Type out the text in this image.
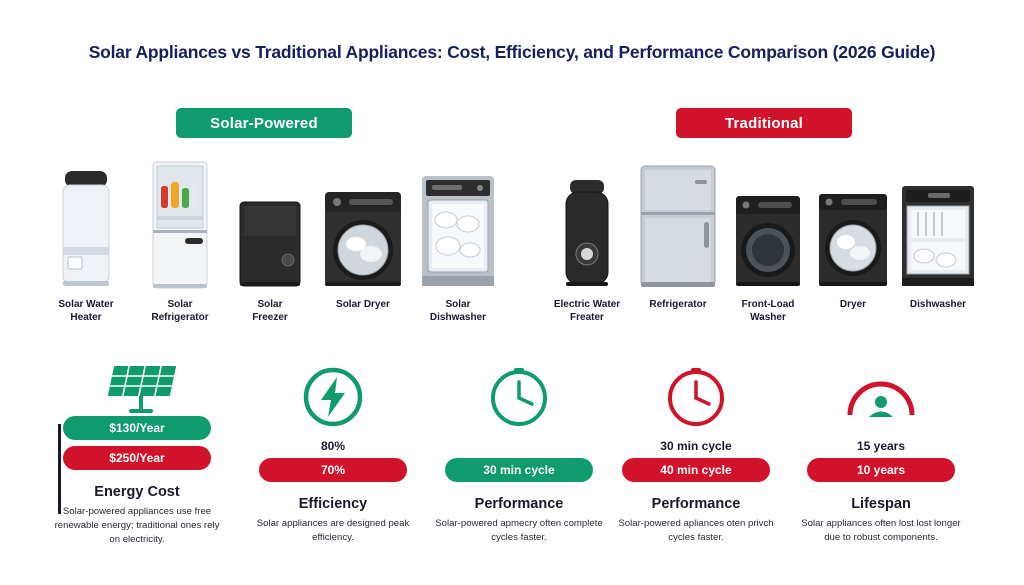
Solar Appliances vs Traditional Appliances: Cost, Efficiency, and Performance Comparison (2026 Guide)
Solar-Powered	Traditional
Solar Water
Heater
Solar
Refrigerator
Solar
Freezer
Solar Dryer	Solar
Dishwasher
Electric Water
Freater
Refrigerator	Front-Load
Washer
Dryer	Dishwasher
$130/Year
$250/Year
Energy Cost
Solar-powered appliances use free renewable energy; traditional ones rely on electricity.
80%
70%
Efficiency
Solar appliances are designed peak efficiency.

30 min cycle
Performance
Solar-powered apmecry often complete cycles faster.
30 min cycle
40 min cycle
Performance
Solar-powered apliances oten privch cycles faster.
15 years
10 years
Lifespan
Solar appliances often lost lost longer due to robust components.
